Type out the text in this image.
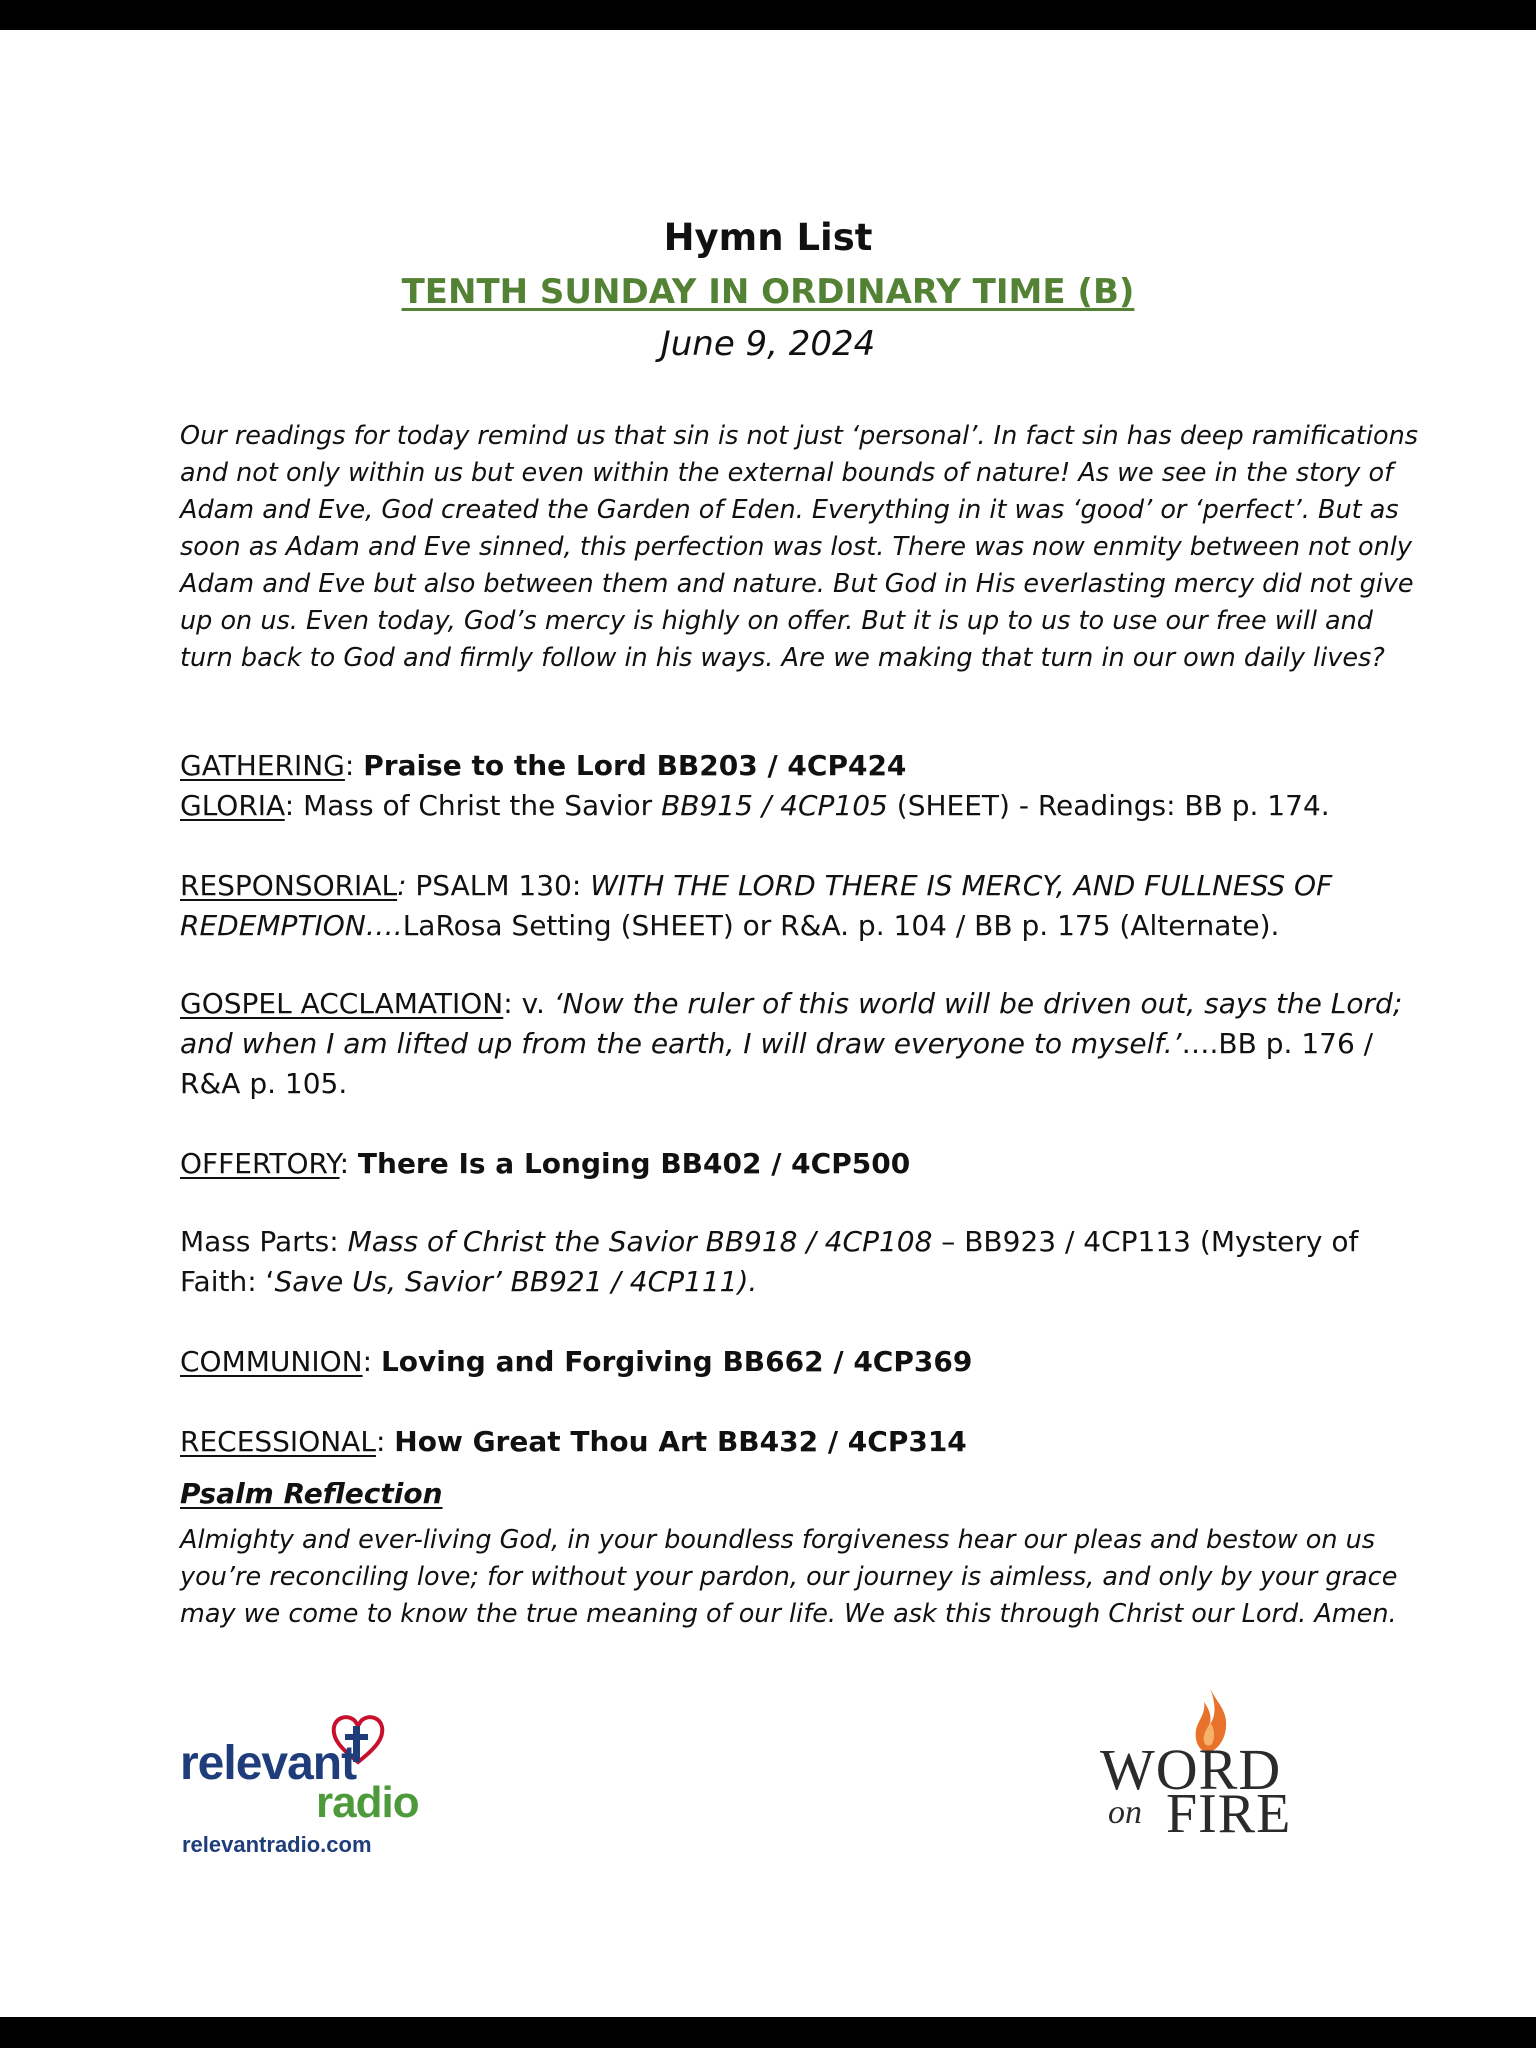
Hymn List
TENTH SUNDAY IN ORDINARY TIME (B)
June 9, 2024
Our readings for today remind us that sin is not just ‘personal’. In fact sin has deep ramifications
and not only within us but even within the external bounds of nature! As we see in the story of
Adam and Eve, God created the Garden of Eden. Everything in it was ‘good’ or ‘perfect’. But as
soon as Adam and Eve sinned, this perfection was lost. There was now enmity between not only
Adam and Eve but also between them and nature. But God in His everlasting mercy did not give
up on us. Even today, God’s mercy is highly on offer. But it is up to us to use our free will and
turn back to God and firmly follow in his ways. Are we making that turn in our own daily lives?
GATHERING: Praise to the Lord BB203 / 4CP424
GLORIA: Mass of Christ the Savior BB915 / 4CP105 (SHEET) - Readings: BB p. 174.
RESPONSORIAL: PSALM 130: WITH THE LORD THERE IS MERCY, AND FULLNESS OF
REDEMPTION….LaRosa Setting (SHEET) or R&A. p. 104 / BB p. 175 (Alternate).
GOSPEL ACCLAMATION: v. ‘Now the ruler of this world will be driven out, says the Lord;
and when I am lifted up from the earth, I will draw everyone to myself.’….BB p. 176 /
R&A p. 105.
OFFERTORY: There Is a Longing BB402 / 4CP500
Mass Parts: Mass of Christ the Savior BB918 / 4CP108 – BB923 / 4CP113 (Mystery of
Faith: ‘Save Us, Savior’ BB921 / 4CP111).
COMMUNION: Loving and Forgiving BB662 / 4CP369
RECESSIONAL: How Great Thou Art BB432 / 4CP314
Psalm Reflection
Almighty and ever-living God, in your boundless forgiveness hear our pleas and bestow on us
you’re reconciling love; for without your pardon, our journey is aimless, and only by your grace
may we come to know the true meaning of our life. We ask this through Christ our Lord. Amen.
relevant
radio
relevantradio.com
WORD
on FIRE
